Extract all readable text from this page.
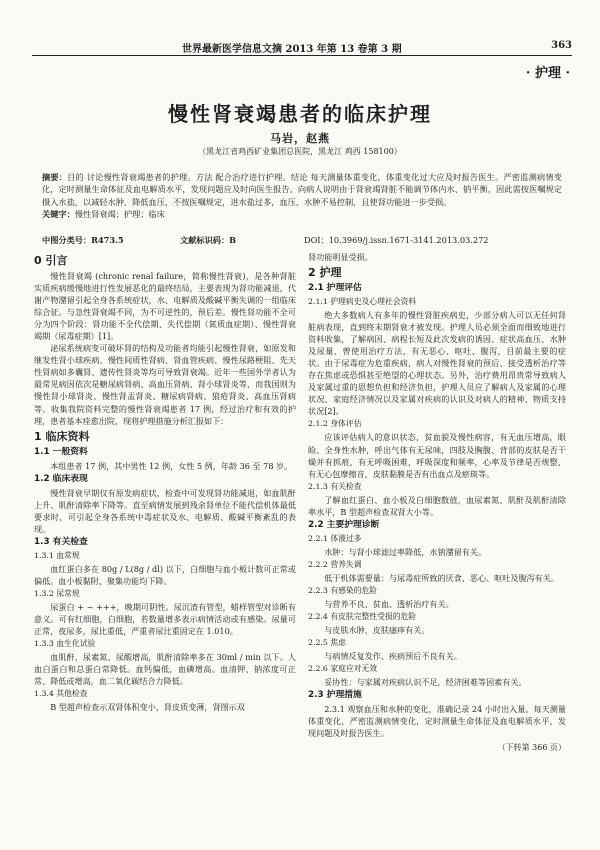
世界最新医学信息文摘 2013 年第 13 卷第 3 期	363
· 护理 ·
慢性肾衰竭患者的临床护理
马岩，赵燕
（黑龙江省鸡西矿业集团总医院，黑龙江 鸡西 158100）
摘要：目的 讨论慢性肾衰竭患者的护理。方法 配合治疗进行护理。结论 每天测量体重变化，体重变化过大应及时报告医生。严密监测病情变化，定时测量生命体征及血电解质水平，发现问题应及时向医生报告。向病人说明由于肾衰竭肾脏不能调节体内水、钠平衡，因此需按医嘱规定摄入水盐，以减轻水肿、降低血压，不按医嘱规定，进水盐过多，血压、水肿不易控制，且使肾功能进一步受损。
关键字：慢性肾衰竭；护理；临床
中图分类号：R473.5	文献标识码：B	DOI：10.3969/j.issn.1671-3141.2013.03.272
0 引言

慢性肾衰竭 (chronic renal failure，简称慢性肾衰)，是各种肾脏实质疾病缓慢地进行性发展恶化的最终结局，主要表现为肾功能减退，代谢产物潴留引起全身各系统症状，水、电解质及酸碱平衡失调的一组临床综合征。与急性肾衰竭不同，为不可逆性的，预后差。慢性肾功能不全可分为四个阶段：肾功能不全代偿期、失代偿期（氮质血症期）、慢性肾衰竭期（尿毒症期）[1]。

泌尿系统病变可破坏肾的结构及功能者均能引起慢性肾衰，如原发和继发性肾小球疾病、慢性间质性肾病、肾血管疾病、慢性尿路梗阻、先天性肾病如多囊肾、遗传性肾炎等均可导致肾衰竭。近年一些国外学者认为最常见病因依次是糖尿病肾病、高血压肾病、肾小球肾炎等，而我国则为慢性肾小球肾炎、慢性肾盂肾炎、糖尿病肾病、狼疮肾炎、高血压肾病等。收集我院资料完整的慢性肾衰竭患者 17 例，经过治疗和有效的护理，患者基本痊愈出院，现将护理措施分析汇报如下：

1 临床资料
1.1 一般资料

本组患者 17 例，其中男性 12 例，女性 5 例，年龄 36 至 78 岁。

1.2 临床表现

慢性肾衰早期仅有原发病症状，检查中可发现肾功能减退，如血肌酐上升、肌酐清除率下降等。直至病情发展到残余肾单位不能代偿机体最低要求时，可引起全身各系统中毒症状及水、电解质、酸碱平衡紊乱的表现。

1.3 有关检查
1.3.1 血常规

血红蛋白多在 80g / L(8g / dl) 以下，白细胞与血小板计数可正常或偏低。血小板黏附、聚集功能均下降。

1.3.2 尿常规

尿蛋白 + ~ +++，晚期可阴性。尿沉渣有管型，蜡样管型对诊断有意义。可有红细胞，白细胞，若数量增多表示病情活动或有感染。尿量可正常，夜尿多，尿比重低，严重者尿比重固定在 1.010。

1.3.3 血生化试验

血肌酐、尿素氮、尿酸增高，肌酐清除率多在 30ml / min 以下。人血白蛋白和总蛋白常降低。血钙偏低，血磷增高。血清钾、钠浓度可正常、降低或增高，血二氧化碳结合力降低。

1.3.4 其他检查

B 型超声检查示双肾体积变小，肾皮质变薄，肾图示双

肾功能明显受损。

2 护理
2.1 护理评估
2.1.1 护理病史及心理社会资料

绝大多数病人有多年的慢性肾脏疾病史，少部分病人可以无任何肾脏病表现，直到终末期肾衰才被发现。护理人员必须全面而细致地进行资料收集，了解病因、病程长短及此次发病的诱因、症状高血压、水肿及尿量、曾使用治疗方法，有无恶心、呕吐、腹泻，目前最主要的症状。由于尿毒症为危重疾病，病人对慢性肾衰的预后、接受透析治疗等存在焦虑或恐惧甚至绝望的心理状态。另外，治疗费用昂贵常导致病人及家属过重的思想负担和经济负担，护理人员应了解病人及家属的心理状况、家庭经济情况以及家属对疾病的认识及对病人的精神、物质支持状况[2]。

2.1.2 身体评估

应该评估病人的意识状态，贫血貌及慢性病容，有无血压增高，眼睑、全身性水肿，呼出气体有无尿味，四肢及胸腹、背部的皮肤是否干燥并有抓痕，有无呼吸困难，呼吸深度和频率，心率及节律是否规整，有无心包摩擦音，皮肤黏膜是否有出血点及瘀斑等。

2.1.3 有关检查

了解血红蛋白、血小板及白细胞数值，血尿素氮、肌酐及肌酐清除率水平，B 型超声检查双肾大小等。

2.2 主要护理诊断
2.2.1 体液过多

水肿：与肾小球滤过率降低，水钠潴留有关。

2.2.2 营养失调

低于机体需要量：与尿毒症所致的厌食、恶心、呕吐及腹泻有关。

2.2.3 有感染的危险

与营养不良、贫血、透析治疗有关。

2.2.4 有皮肤完整性受损的危险

与皮肤水肿、皮肤瘙痒有关。

2.2.5 焦虑

与病情反复发作、疾病预后不良有关。

2.2.6 家庭应对无效

妥协性：与家属对疾病认识不足，经济困难等因素有关。

2.3 护理措施

2.3.1 观察血压和水肿的变化，准确记录 24 小时出入量。每天测量体重变化，严密监测病情变化，定时测量生命体征及血电解质水平，发现问题及时报告医生。

（下转第 366 页）
